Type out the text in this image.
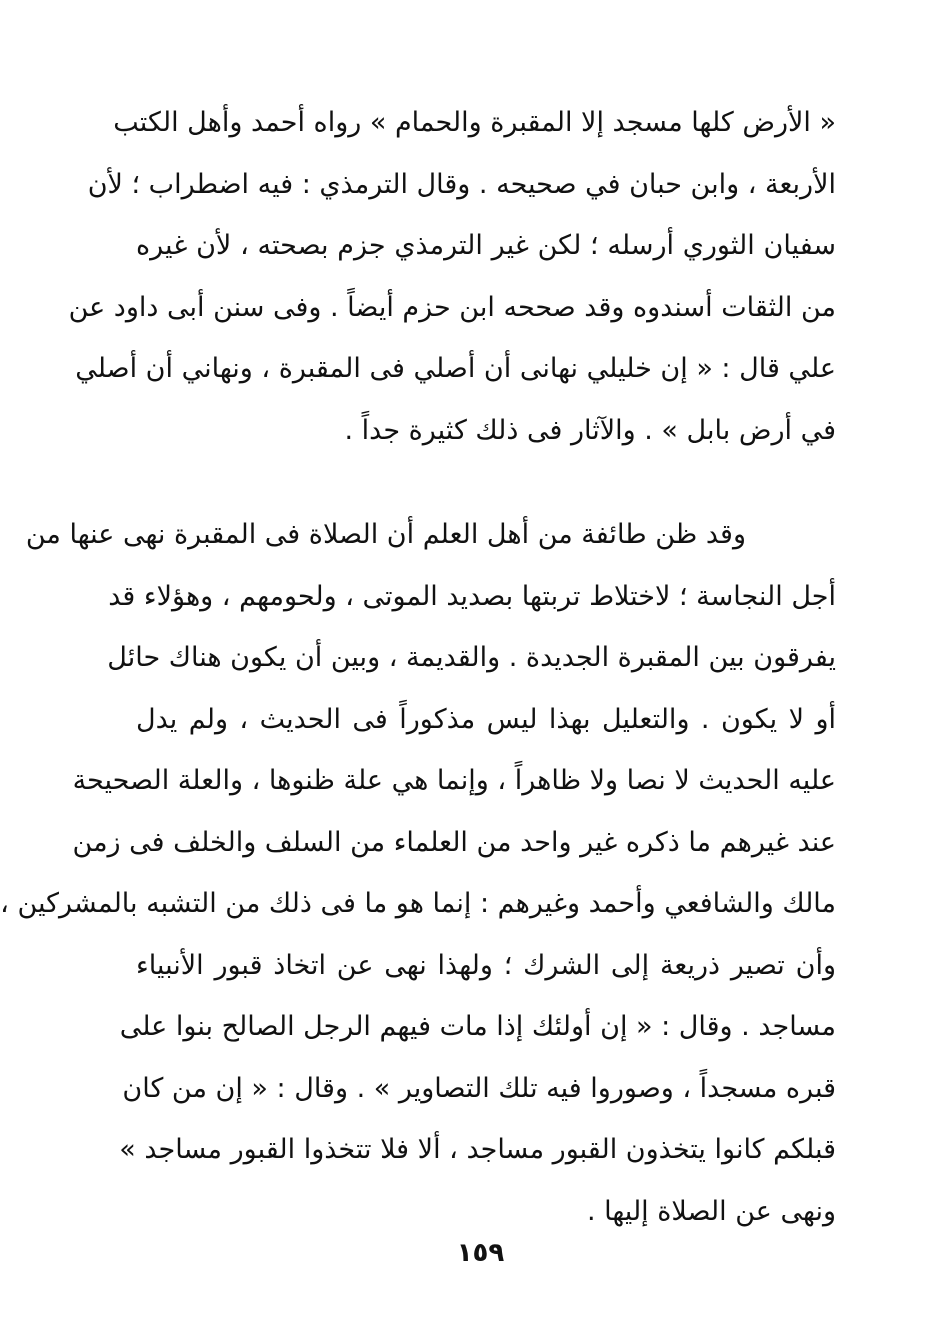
« الأرض كلها مسجد إلا المقبرة والحمام » رواه أحمد وأهل الكتب
الأربعة ، وابن حبان في صحيحه . وقال الترمذي : فيه اضطراب ؛ لأن
سفيان الثوري أرسله ؛ لكن غير الترمذي جزم بصحته ، لأن غيره
من الثقات أسندوه وقد صححه ابن حزم أيضاً . وفى سنن أبى داود عن
علي قال : « إن خليلي نهانى أن أصلي فى المقبرة ، ونهاني أن أصلي
في أرض بابل » . والآثار فى ذلك كثيرة جداً .
وقد ظن طائفة من أهل العلم أن الصلاة فى المقبرة نهى عنها من
أجل النجاسة ؛ لاختلاط تربتها بصديد الموتى ، ولحومهم ، وهؤلاء قد
يفرقون بين المقبرة الجديدة . والقديمة ، وبين أن يكون هناك حائل
أو لا يكون . والتعليل بهذا ليس مذكوراً فى الحديث ، ولم يدل
عليه الحديث لا نصا ولا ظاهراً ، وإنما هي علة ظنوها ، والعلة الصحيحة
عند غيرهم ما ذكره غير واحد من العلماء من السلف والخلف فى زمن
مالك والشافعي وأحمد وغيرهم : إنما هو ما فى ذلك من التشبه بالمشركين ،
وأن تصير ذريعة إلى الشرك ؛ ولهذا نهى عن اتخاذ قبور الأنبياء
مساجد . وقال : « إن أولئك إذا مات فيهم الرجل الصالح بنوا على
قبره مسجداً ، وصوروا فيه تلك التصاوير » . وقال : « إن من كان
قبلكم كانوا يتخذون القبور مساجد ، ألا فلا تتخذوا القبور مساجد »
ونهى عن الصلاة إليها .
١٥٩
